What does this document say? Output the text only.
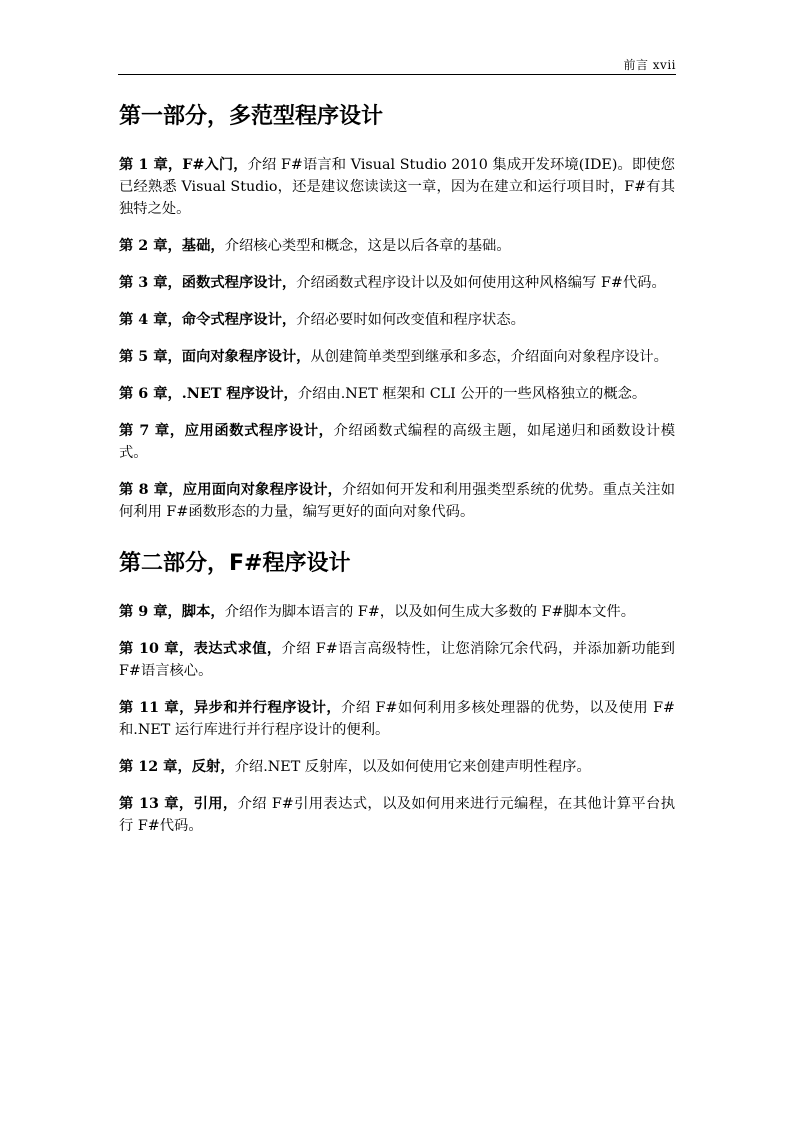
前言 xvii
第一部分，多范型程序设计

第 1 章，F#入门，介绍 F#语言和 Visual Studio 2010 集成开发环境(IDE)。即使您已经熟悉 Visual Studio，还是建议您读读这一章，因为在建立和运行项目时，F#有其独特之处。

第 2 章，基础，介绍核心类型和概念，这是以后各章的基础。

第 3 章，函数式程序设计，介绍函数式程序设计以及如何使用这种风格编写 F#代码。

第 4 章，命令式程序设计，介绍必要时如何改变值和程序状态。

第 5 章，面向对象程序设计，从创建简单类型到继承和多态，介绍面向对象程序设计。

第 6 章，.NET 程序设计，介绍由.NET 框架和 CLI 公开的一些风格独立的概念。

第 7 章，应用函数式程序设计，介绍函数式编程的高级主题，如尾递归和函数设计模式。

第 8 章，应用面向对象程序设计，介绍如何开发和利用强类型系统的优势。重点关注如何利用 F#函数形态的力量，编写更好的面向对象代码。

第二部分，F#程序设计

第 9 章，脚本，介绍作为脚本语言的 F#，以及如何生成大多数的 F#脚本文件。

第 10 章，表达式求值，介绍 F#语言高级特性，让您消除冗余代码，并添加新功能到 F#语言核心。

第 11 章，异步和并行程序设计，介绍 F#如何利用多核处理器的优势，以及使用 F#和.NET 运行库进行并行程序设计的便利。

第 12 章，反射，介绍.NET 反射库，以及如何使用它来创建声明性程序。

第 13 章，引用，介绍 F#引用表达式，以及如何用来进行元编程，在其他计算平台执行 F#代码。
